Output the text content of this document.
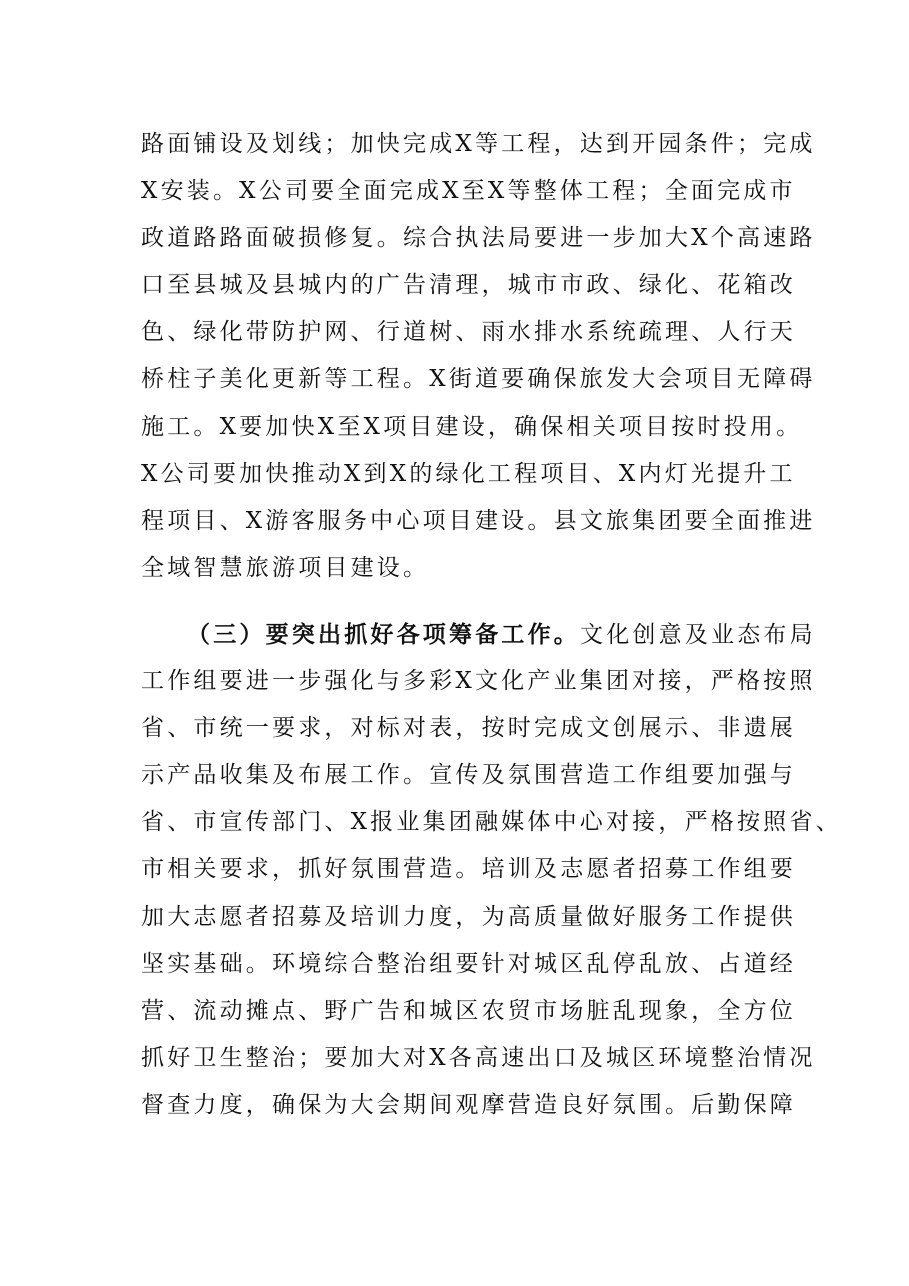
路面铺设及划线；加快完成X等工程，达到开园条件；完成
X安装。X公司要全面完成X至X等整体工程；全面完成市
政道路路面破损修复。综合执法局要进一步加大X个高速路
口至县城及县城内的广告清理，城市市政、绿化、花箱改
色、绿化带防护网、行道树、雨水排水系统疏理、人行天
桥柱子美化更新等工程。X街道要确保旅发大会项目无障碍
施工。X要加快X至X项目建设，确保相关项目按时投用。
X公司要加快推动X到X的绿化工程项目、X内灯光提升工
程项目、X游客服务中心项目建设。县文旅集团要全面推进
全域智慧旅游项目建设。
（三）要突出抓好各项筹备工作。文化创意及业态布局
工作组要进一步强化与多彩X文化产业集团对接，严格按照
省、市统一要求，对标对表，按时完成文创展示、非遗展
示产品收集及布展工作。宣传及氛围营造工作组要加强与
省、市宣传部门、X报业集团融媒体中心对接，严格按照省、
市相关要求，抓好氛围营造。培训及志愿者招募工作组要
加大志愿者招募及培训力度，为高质量做好服务工作提供
坚实基础。环境综合整治组要针对城区乱停乱放、占道经
营、流动摊点、野广告和城区农贸市场脏乱现象，全方位
抓好卫生整治；要加大对X各高速出口及城区环境整治情况
督查力度，确保为大会期间观摩营造良好氛围。后勤保障
